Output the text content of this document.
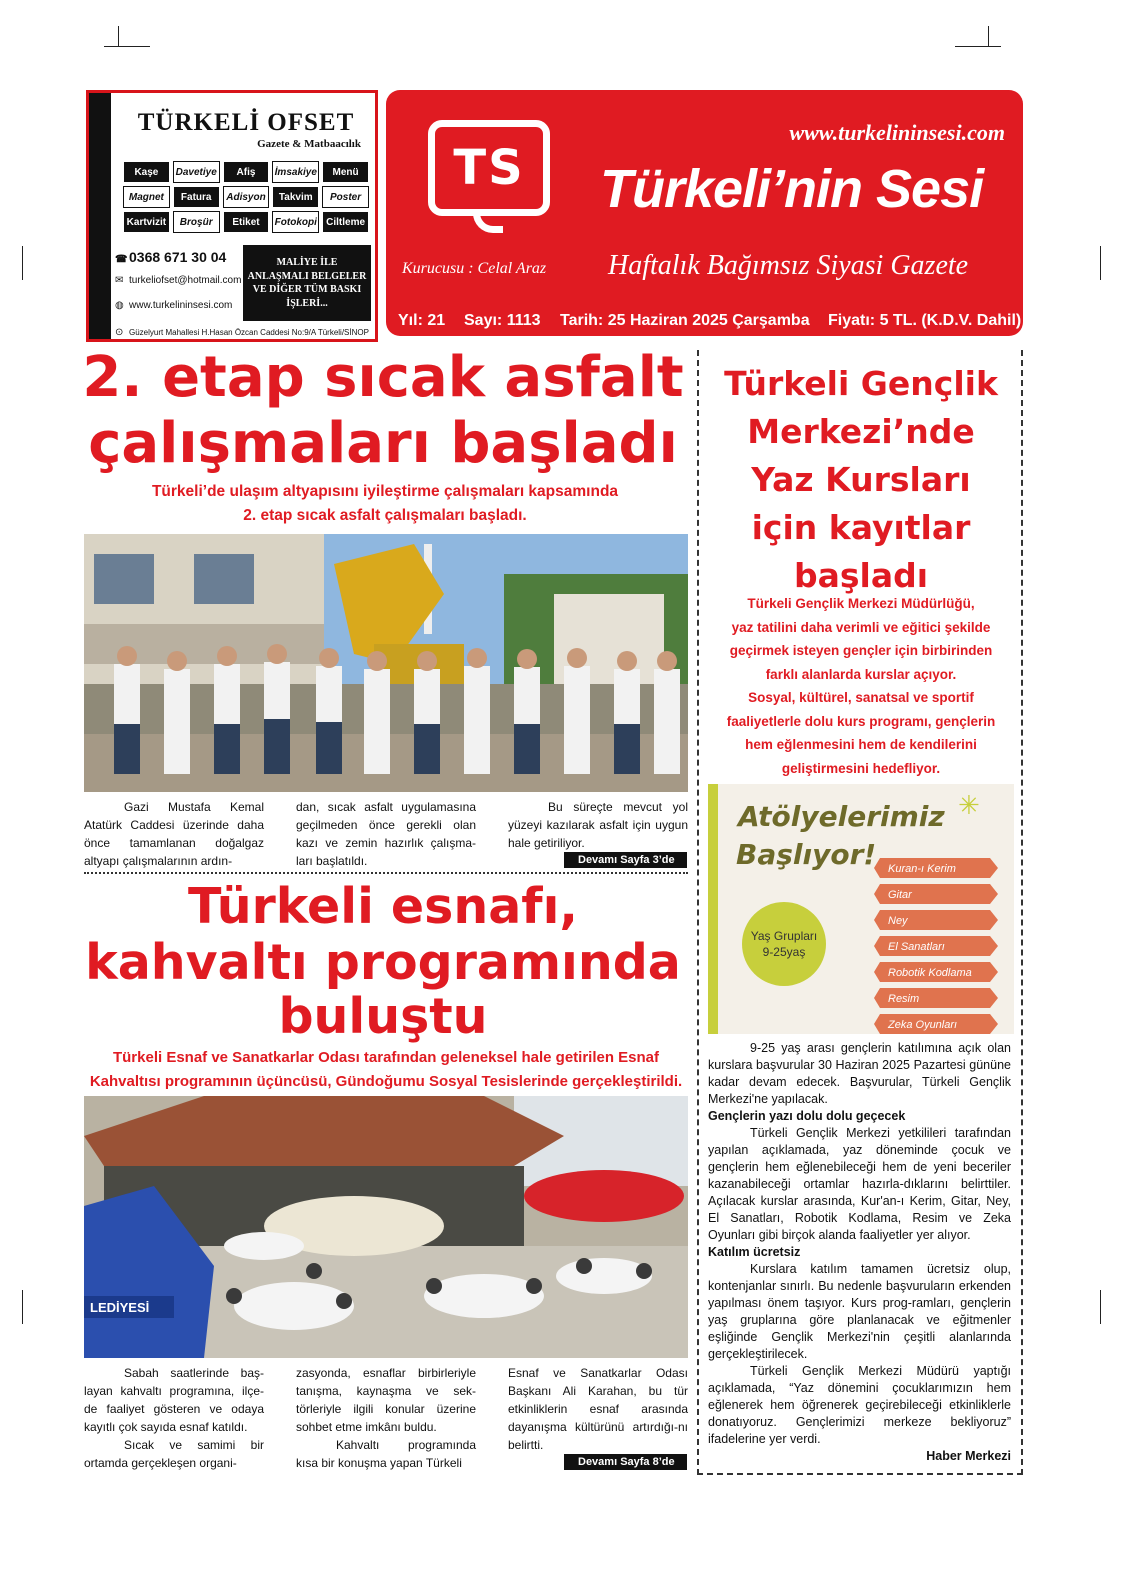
TÜRKELİ OFSET
Gazete & Matbaacılık
Kaşe	Davetiye	Afiş	İmsakiye	Menü
Magnet	Fatura	Adisyon	Takvim	Poster
Kartvizit	Broşür	Etiket	Fotokopi Ciltleme
☎ 0368 671 30 04
✉ turkeliofset@hotmail.com
◍ www.turkelininsesi.com
⊙ Güzelyurt Mahallesi H.Hasan Özcan Caddesi No:9/A Türkeli/SİNOP
MALİYE İLE ANLAŞMALI BELGELER VE DİĞER TÜM BASKI İŞLERİ...
TS
www.turkelininsesi.com
Türkeli’nin Sesi
Kurucusu : Celal Araz Haftalık Bağımsız Siyasi Gazete
Yıl: 21 Sayı: 1113 Tarih: 25 Haziran 2025 Çarşamba Fiyatı: 5 TL. (K.D.V. Dahil)
2. etap sıcak asfalt
çalışmaları başladı
Türkeli’de ulaşım altyapısını iyileştirme çalışmaları kapsamında
2. etap sıcak asfalt çalışmaları başladı.

Gazi Mustafa Kemal Atatürk Caddesi üzerinde daha önce tamamlanan doğalgaz altyapı çalışmalarının ardın-

dan, sıcak asfalt uygulamasına geçilmeden önce gerekli olan kazı ve zemin hazırlık çalışma-ları başlatıldı.

Bu süreçte mevcut yol yüzeyi kazılarak asfalt için uygun hale getiriliyor.

Devamı Sayfa 3’de
Türkeli esnafı,
kahvaltı programında
buluştu
Türkeli Esnaf ve Sanatkarlar Odası tarafından geleneksel hale getirilen Esnaf
Kahvaltısı programının üçüncüsü, Gündoğumu Sosyal Tesislerinde gerçekleştirildi.
LEDİYESİ

Sabah saatlerinde baş-layan kahvaltı programına, ilçe-de faaliyet gösteren ve odaya kayıtlı çok sayıda esnaf katıldı.

Sıcak ve samimi bir ortamda gerçekleşen organi-

zasyonda, esnaflar birbirleriyle tanışma, kaynaşma ve sek-törleriyle ilgili konular üzerine sohbet etme imkânı buldu.

Kahvaltı programında kısa bir konuşma yapan Türkeli

Esnaf ve Sanatkarlar Odası Başkanı Ali Karahan, bu tür etkinliklerin esnaf arasında dayanışma kültürünü artırdığı-nı belirtti.

Devamı Sayfa 8’de
Türkeli Gençlik
Merkezi’nde
Yaz Kursları
için kayıtlar
başladı
Türkeli Gençlik Merkezi Müdürlüğü,
yaz tatilini daha verimli ve eğitici şekilde
geçirmek isteyen gençler için birbirinden
farklı alanlarda kurslar açıyor.
Sosyal, kültürel, sanatsal ve sportif
faaliyetlerle dolu kurs programı, gençlerin
hem eğlenmesini hem de kendilerini
geliştirmesini hedefliyor.
Atölyelerimiz
Başlıyor!
✳
Yaş Grupları
9-25yaş
Kuran-ı Kerim
Gitar
Ney
El Sanatları
Robotik Kodlama
Resim
Zeka Oyunları

9-25 yaş arası gençlerin katılımına açık olan kurslara başvurular 30 Haziran 2025 Pazartesi gününe kadar devam edecek. Başvurular, Türkeli Gençlik Merkezi'ne yapılacak.

Gençlerin yazı dolu dolu geçecek

Türkeli Gençlik Merkezi yetkilileri tarafından yapılan açıklamada, yaz döneminde çocuk ve gençlerin hem eğlenebileceği hem de yeni beceriler kazanabileceği ortamlar hazırla-dıklarını belirttiler. Açılacak kurslar arasında, Kur'an-ı Kerim, Gitar, Ney, El Sanatları, Robotik Kodlama, Resim ve Zeka Oyunları gibi birçok alanda faaliyetler yer alıyor.

Katılım ücretsiz

Kurslara katılım tamamen ücretsiz olup, kontenjanlar sınırlı. Bu nedenle başvuruların erkenden yapılması önem taşıyor. Kurs prog-ramları, gençlerin yaş gruplarına göre planlanacak ve eğitmenler eşliğinde Gençlik Merkezi'nin çeşitli alanlarında gerçekleştirilecek.

Türkeli Gençlik Merkezi Müdürü yaptığı açıklamada, “Yaz dönemini çocuklarımızın hem eğlenerek hem öğrenerek geçirebileceği etkinliklerle donatıyoruz. Gençlerimizi merkeze bekliyoruz” ifadelerine yer verdi.

Haber Merkezi
